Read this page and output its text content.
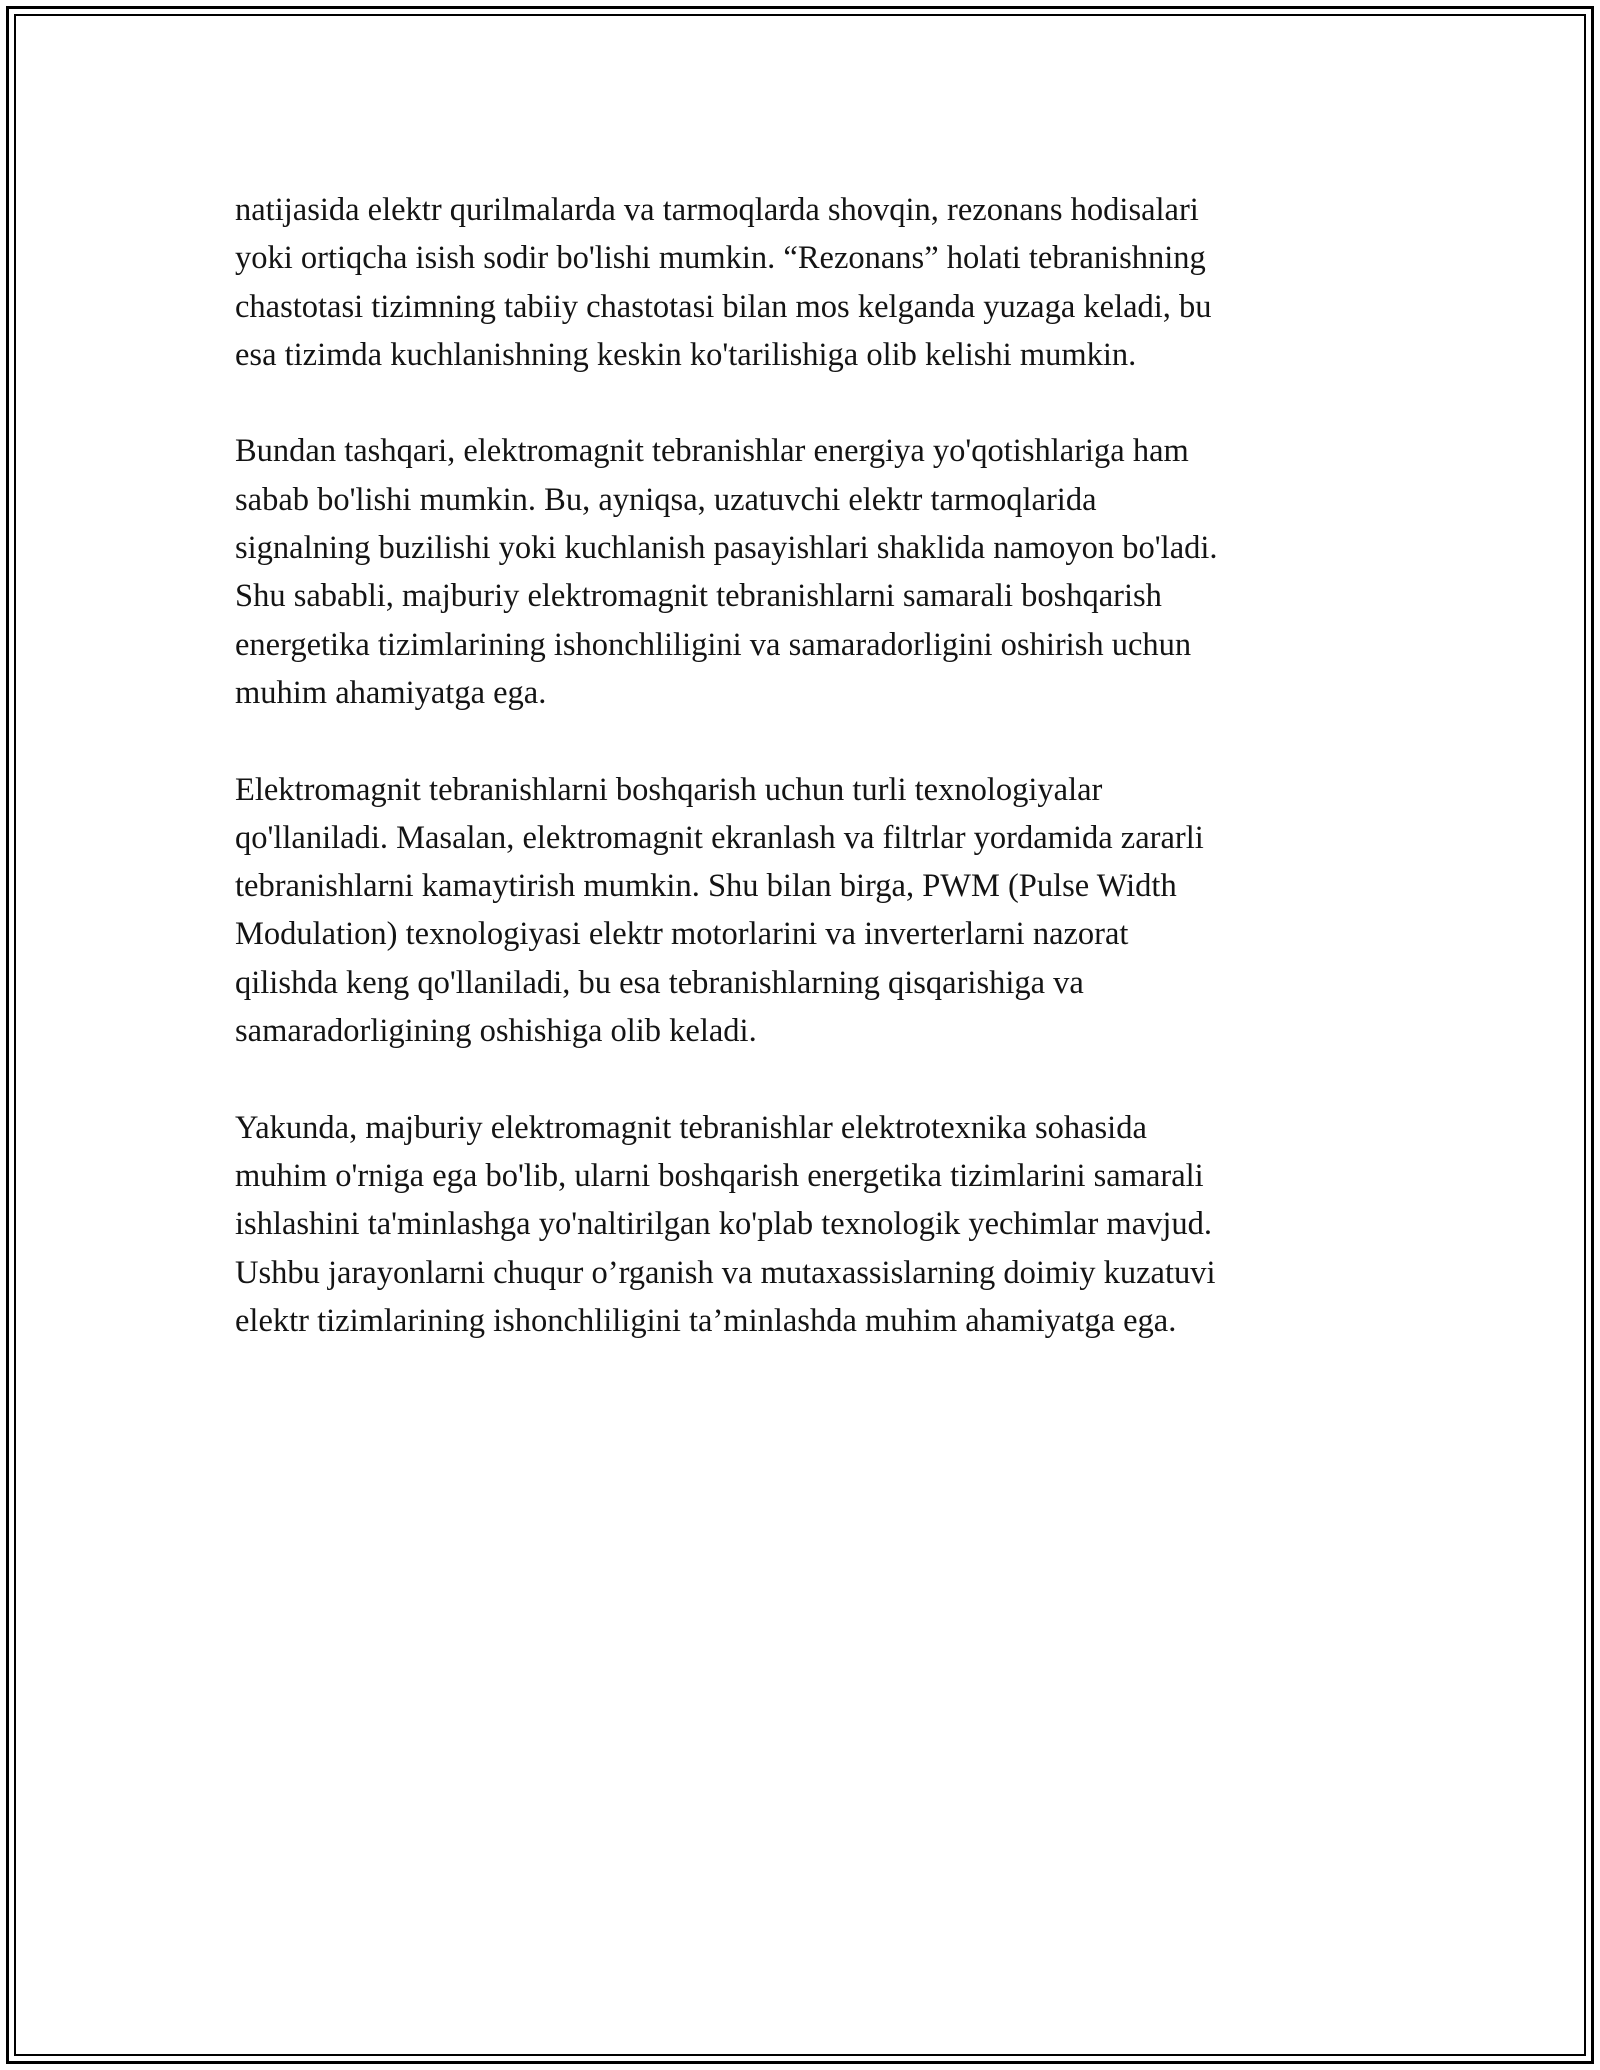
natijasida elektr qurilmalarda va tarmoqlarda shovqin, rezonans hodisalari
yoki ortiqcha isish sodir bo'lishi mumkin. “Rezonans” holati tebranishning
chastotasi tizimning tabiiy chastotasi bilan mos kelganda yuzaga keladi, bu
esa tizimda kuchlanishning keskin ko'tarilishiga olib kelishi mumkin.

Bundan tashqari, elektromagnit tebranishlar energiya yo'qotishlariga ham
sabab bo'lishi mumkin. Bu, ayniqsa, uzatuvchi elektr tarmoqlarida
signalning buzilishi yoki kuchlanish pasayishlari shaklida namoyon bo'ladi.
Shu sababli, majburiy elektromagnit tebranishlarni samarali boshqarish
energetika tizimlarining ishonchliligini va samaradorligini oshirish uchun
muhim ahamiyatga ega.

Elektromagnit tebranishlarni boshqarish uchun turli texnologiyalar
qo'llaniladi. Masalan, elektromagnit ekranlash va filtrlar yordamida zararli
tebranishlarni kamaytirish mumkin. Shu bilan birga, PWM (Pulse Width
Modulation) texnologiyasi elektr motorlarini va inverterlarni nazorat
qilishda keng qo'llaniladi, bu esa tebranishlarning qisqarishiga va
samaradorligining oshishiga olib keladi.

Yakunda, majburiy elektromagnit tebranishlar elektrotexnika sohasida
muhim o'rniga ega bo'lib, ularni boshqarish energetika tizimlarini samarali
ishlashini ta'minlashga yo'naltirilgan ko'plab texnologik yechimlar mavjud.
Ushbu jarayonlarni chuqur o’rganish va mutaxassislarning doimiy kuzatuvi
elektr tizimlarining ishonchliligini ta’minlashda muhim ahamiyatga ega.
